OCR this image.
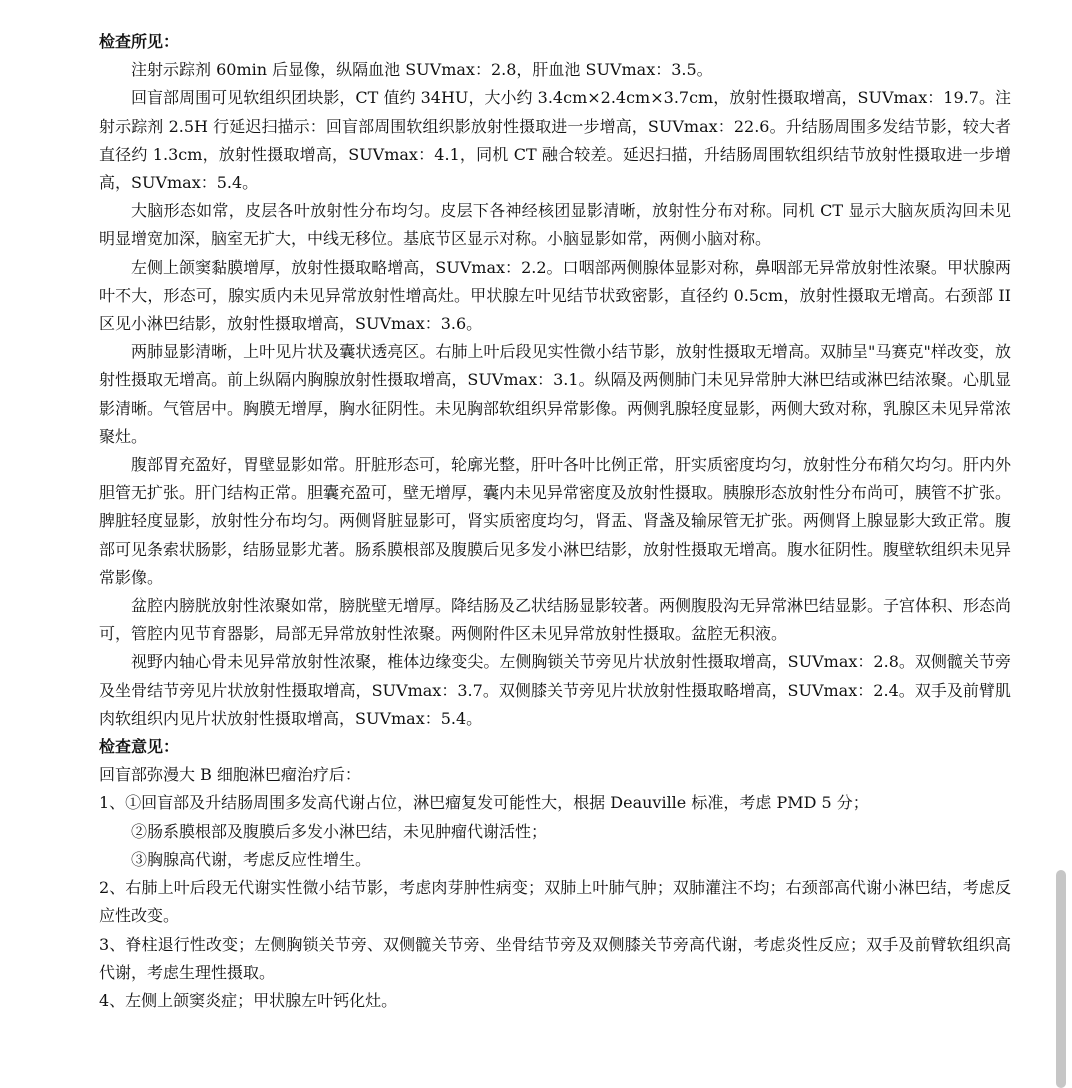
检查所见：

注射示踪剂 60min 后显像，纵隔血池 SUVmax：2.8，肝血池 SUVmax：3.5。

回盲部周围可见软组织团块影，CT 值约 34HU，大小约 3.4cm×2.4cm×3.7cm，放射性摄取增高，SUVmax：19.7。注射示踪剂 2.5H 行延迟扫描示：回盲部周围软组织影放射性摄取进一步增高，SUVmax：22.6。升结肠周围多发结节影，较大者直径约 1.3cm，放射性摄取增高，SUVmax：4.1，同机 CT 融合较差。延迟扫描，升结肠周围软组织结节放射性摄取进一步增高，SUVmax：5.4。

大脑形态如常，皮层各叶放射性分布均匀。皮层下各神经核团显影清晰，放射性分布对称。同机 CT 显示大脑灰质沟回未见明显增宽加深，脑室无扩大，中线无移位。基底节区显示对称。小脑显影如常，两侧小脑对称。

左侧上颌窦黏膜增厚，放射性摄取略增高，SUVmax：2.2。口咽部两侧腺体显影对称，鼻咽部无异常放射性浓聚。甲状腺两叶不大，形态可，腺实质内未见异常放射性增高灶。甲状腺左叶见结节状致密影，直径约 0.5cm，放射性摄取无增高。右颈部 II 区见小淋巴结影，放射性摄取增高，SUVmax：3.6。

两肺显影清晰，上叶见片状及囊状透亮区。右肺上叶后段见实性微小结节影，放射性摄取无增高。双肺呈"马赛克"样改变，放射性摄取无增高。前上纵隔内胸腺放射性摄取增高，SUVmax：3.1。纵隔及两侧肺门未见异常肿大淋巴结或淋巴结浓聚。心肌显影清晰。气管居中。胸膜无增厚，胸水征阴性。未见胸部软组织异常影像。两侧乳腺轻度显影，两侧大致对称，乳腺区未见异常浓聚灶。

腹部胃充盈好，胃壁显影如常。肝脏形态可，轮廓光整，肝叶各叶比例正常，肝实质密度均匀，放射性分布稍欠均匀。肝内外胆管无扩张。肝门结构正常。胆囊充盈可，壁无增厚，囊内未见异常密度及放射性摄取。胰腺形态放射性分布尚可，胰管不扩张。脾脏轻度显影，放射性分布均匀。两侧肾脏显影可，肾实质密度均匀，肾盂、肾盏及输尿管无扩张。两侧肾上腺显影大致正常。腹部可见条索状肠影，结肠显影尤著。肠系膜根部及腹膜后见多发小淋巴结影，放射性摄取无增高。腹水征阴性。腹壁软组织未见异常影像。

盆腔内膀胱放射性浓聚如常，膀胱壁无增厚。降结肠及乙状结肠显影较著。两侧腹股沟无异常淋巴结显影。子宫体积、形态尚可，管腔内见节育器影，局部无异常放射性浓聚。两侧附件区未见异常放射性摄取。盆腔无积液。

视野内轴心骨未见异常放射性浓聚，椎体边缘变尖。左侧胸锁关节旁见片状放射性摄取增高，SUVmax：2.8。双侧髋关节旁及坐骨结节旁见片状放射性摄取增高，SUVmax：3.7。双侧膝关节旁见片状放射性摄取略增高，SUVmax：2.4。双手及前臂肌肉软组织内见片状放射性摄取增高，SUVmax：5.4。

检查意见：

回盲部弥漫大 B 细胞淋巴瘤治疗后：

1、①回盲部及升结肠周围多发高代谢占位，淋巴瘤复发可能性大，根据 Deauville 标准，考虑 PMD 5 分；

②肠系膜根部及腹膜后多发小淋巴结，未见肿瘤代谢活性；

③胸腺高代谢，考虑反应性增生。

2、右肺上叶后段无代谢实性微小结节影，考虑肉芽肿性病变；双肺上叶肺气肿；双肺灌注不均；右颈部高代谢小淋巴结，考虑反应性改变。

3、脊柱退行性改变；左侧胸锁关节旁、双侧髋关节旁、坐骨结节旁及双侧膝关节旁高代谢，考虑炎性反应；双手及前臂软组织高代谢，考虑生理性摄取。

4、左侧上颌窦炎症；甲状腺左叶钙化灶。
